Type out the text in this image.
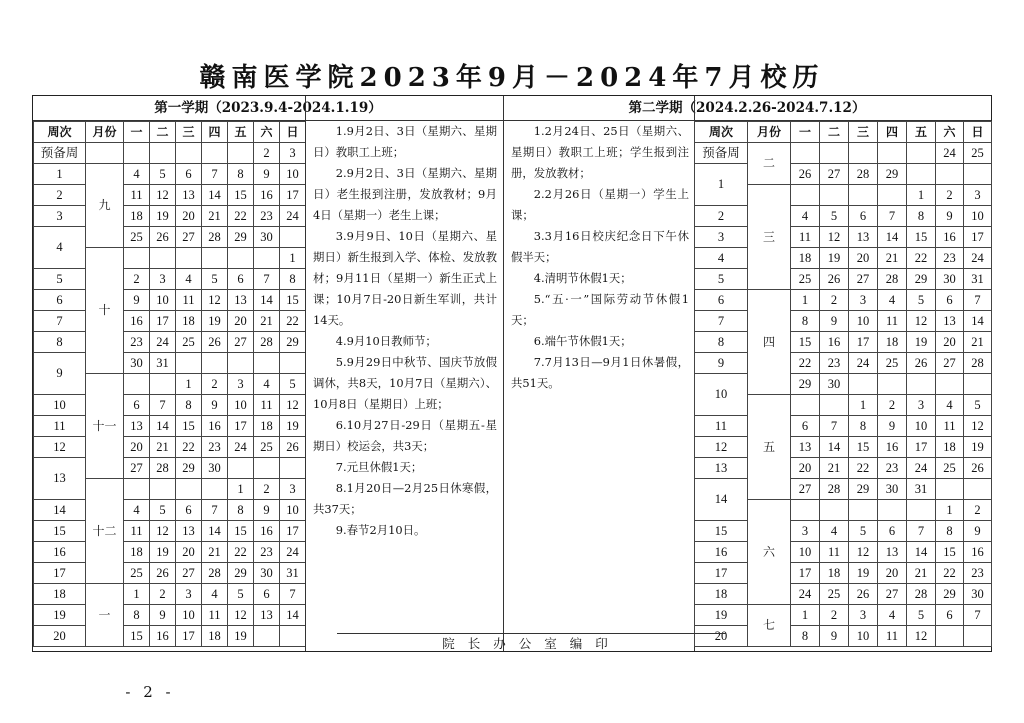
赣南医学院2023年9月－2024年7月校历
第一学期（2023.9.4-2024.1.19）	第二学期（2024.2.26-2024.7.12）
周次	月份	一	二	三	四	五	六	日
预备周							2	3
1	九	4	5	6	7	8	9	10
2		11	12	13	14	15	16	17
3		18	19	20	21	22	23	24
4		25	26	27	28	29	30	
	十							1
5		2	3	4	5	6	7	8
6		9	10	11	12	13	14	15
7		16	17	18	19	20	21	22
8		23	24	25	26	27	28	29
9		30	31					
	十一			1	2	3	4	5
10		6	7	8	9	10	11	12
11		13	14	15	16	17	18	19
12		20	21	22	23	24	25	26
13		27	28	29	30			
	十二					1	2	3
14		4	5	6	7	8	9	10
15		11	12	13	14	15	16	17
16		18	19	20	21	22	23	24
17		25	26	27	28	29	30	31
18	一	1	2	3	4	5	6	7
19		8	9	10	11	12	13	14
20		15	16	17	18	19		

1.9月2日、3日（星期六、星期日）教职工上班；

2.9月2日、3日（星期六、星期日）老生报到注册，发放教材；9月4日（星期一）老生上课；

3.9月9日、10日（星期六、星期日）新生报到入学、体检、发放教材；9月11日（星期一）新生正式上课；10月7日-20日新生军训，共计14天。

4.9月10日教师节；

5.9月29日中秋节、国庆节放假调休，共8天，10月7日（星期六）、10月8日（星期日）上班；

6.10月27日-29日（星期五-星期日）校运会，共3天；

7.元旦休假1天；

8.1月20日—2月25日休寒假，共37天；

9.春节2月10日。

1.2月24日、25日（星期六、星期日）教职工上班；学生报到注册，发放教材；

2.2月26日（星期一）学生上课；

3.3月16日校庆纪念日下午休假半天；

4.清明节休假1天；

5.“五·一”国际劳动节休假1天；

6.端午节休假1天；

7.7月13日—9月1日休暑假，共51天。

周次	月份	一	二	三	四	五	六	日
预备周	二						24	25
1		26	27	28	29			
	三					1	2	3
2		4	5	6	7	8	9	10
3		11	12	13	14	15	16	17
4		18	19	20	21	22	23	24
5		25	26	27	28	29	30	31
6	四	1	2	3	4	5	6	7
7		8	9	10	11	12	13	14
8		15	16	17	18	19	20	21
9		22	23	24	25	26	27	28
10		29	30					
	五			1	2	3	4	5
11		6	7	8	9	10	11	12
12		13	14	15	16	17	18	19
13		20	21	22	23	24	25	26
14		27	28	29	30	31		
	六						1	2
15		3	4	5	6	7	8	9
16		10	11	12	13	14	15	16
17		17	18	19	20	21	22	23
18		24	25	26	27	28	29	30
19	七	1	2	3	4	5	6	7
20		8	9	10	11	12		
院长办公室编印
- 2 -
